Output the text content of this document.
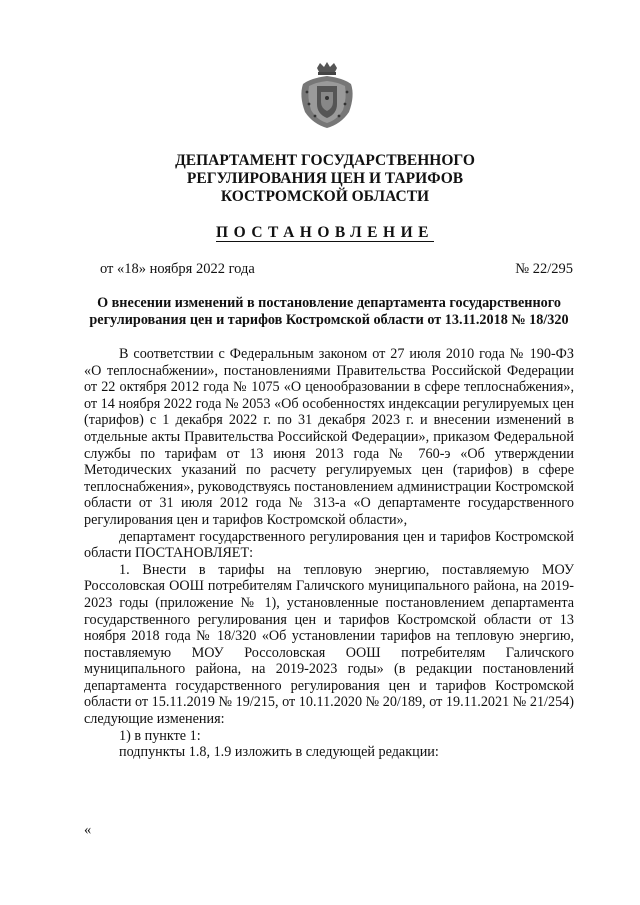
ДЕПАРТАМЕНТ ГОСУДАРСТВЕННОГО
РЕГУЛИРОВАНИЯ ЦЕН И ТАРИФОВ
КОСТРОМСКОЙ ОБЛАСТИ
ПОСТАНОВЛЕНИЕ
от «18» ноября 2022 года	№ 22/295
О внесении изменений в постановление департамента государственного
регулирования цен и тарифов Костромской области от 13.11.2018 № 18/320

В соответствии с Федеральным законом от 27 июля 2010 года № 190-ФЗ «О теплоснабжении», постановлениями Правительства Российской Федерации от 22 октября 2012 года № 1075 «О ценообразовании в сфере теплоснабжения», от 14 ноября 2022 года № 2053 «Об особенностях индексации регулируемых цен (тарифов) с 1 декабря 2022 г. по 31 декабря 2023 г. и внесении изменений в отдельные акты Правительства Российской Федерации», приказом Федеральной службы по тарифам от 13 июня 2013 года № 760-э «Об утверждении Методических указаний по расчету регулируемых цен (тарифов) в сфере теплоснабжения», руководствуясь постановлением администрации Костромской области от 31 июля 2012 года № 313-а «О департаменте государственного регулирования цен и тарифов Костромской области»,

департамент государственного регулирования цен и тарифов Костромской области ПОСТАНОВЛЯЕТ:

1. Внести в тарифы на тепловую энергию, поставляемую МОУ Россоловская ООШ потребителям Галичского муниципального района, на 2019-2023 годы (приложение № 1), установленные постановлением департамента государственного регулирования цен и тарифов Костромской области от 13 ноября 2018 года № 18/320 «Об установлении тарифов на тепловую энергию, поставляемую МОУ Россоловская ООШ потребителям Галичского муниципального района, на 2019-2023 годы» (в редакции постановлений департамента государственного регулирования цен и тарифов Костромской области от 15.11.2019 № 19/215, от 10.11.2020 № 20/189, от 19.11.2021 № 21/254) следующие изменения:

1) в пункте 1:

подпункты 1.8, 1.9 изложить в следующей редакции:

«
